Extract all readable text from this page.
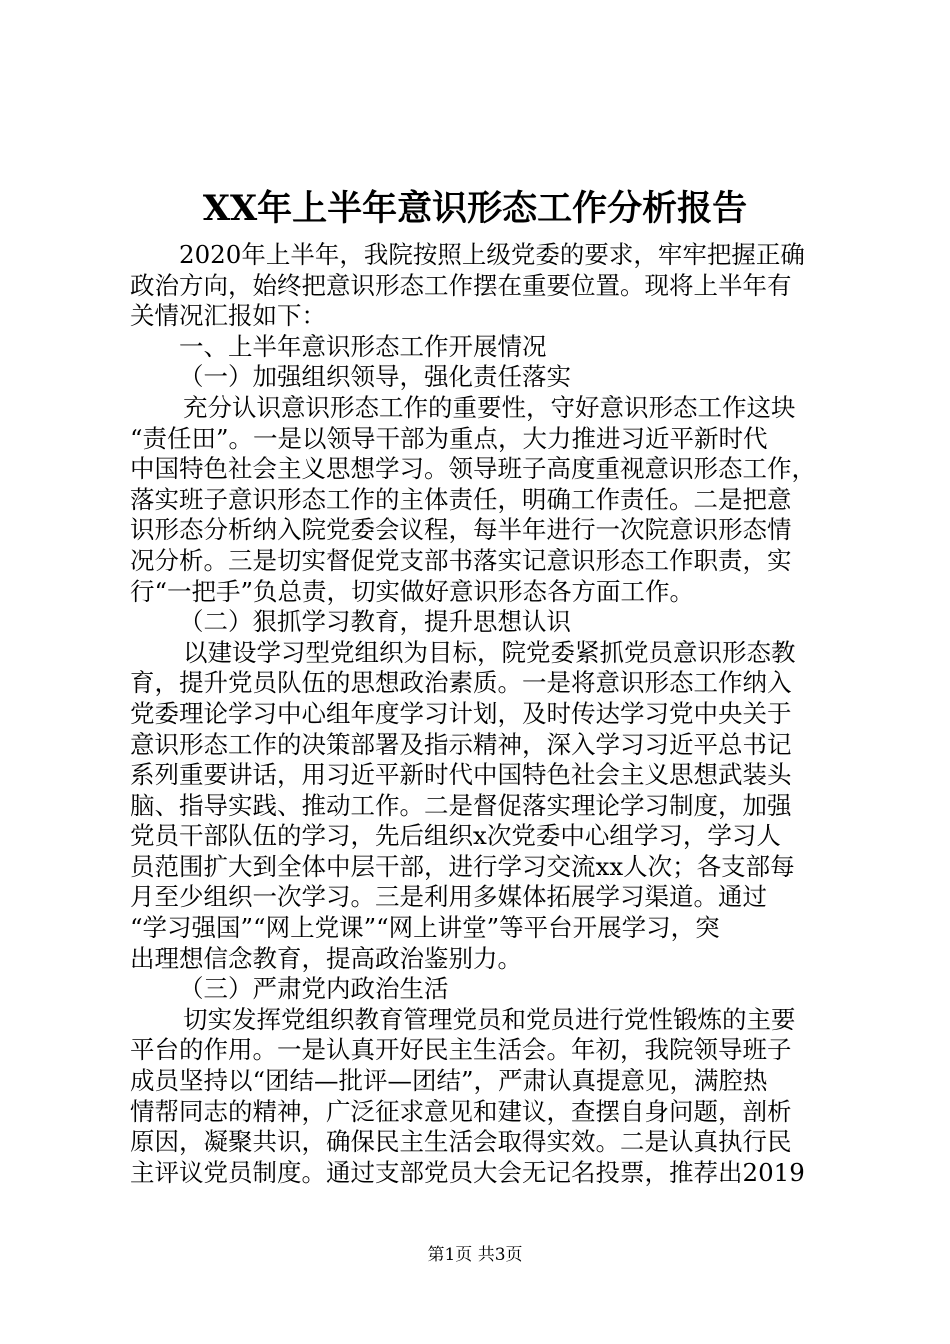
XX年上半年意识形态工作分析报告
2020年上半年，我院按照上级党委的要求，牢牢把握正确
政治方向，始终把意识形态工作摆在重要位置。现将上半年有
关情况汇报如下：
一、上半年意识形态工作开展情况
（一）加强组织领导，强化责任落实
充分认识意识形态工作的重要性，守好意识形态工作这块
“责任田”。一是以领导干部为重点，大力推进习近平新时代
中国特色社会主义思想学习。领导班子高度重视意识形态工作，
落实班子意识形态工作的主体责任，明确工作责任。二是把意
识形态分析纳入院党委会议程，每半年进行一次院意识形态情
况分析。三是切实督促党支部书落实记意识形态工作职责，实
行“一把手”负总责，切实做好意识形态各方面工作。
（二）狠抓学习教育，提升思想认识
以建设学习型党组织为目标，院党委紧抓党员意识形态教
育，提升党员队伍的思想政治素质。一是将意识形态工作纳入
党委理论学习中心组年度学习计划，及时传达学习党中央关于
意识形态工作的决策部署及指示精神，深入学习习近平总书记
系列重要讲话，用习近平新时代中国特色社会主义思想武装头
脑、指导实践、推动工作。二是督促落实理论学习制度，加强
党员干部队伍的学习，先后组织x次党委中心组学习，学习人
员范围扩大到全体中层干部，进行学习交流xx人次；各支部每
月至少组织一次学习。三是利用多媒体拓展学习渠道。通过
“学习强国”“网上党课”“网上讲堂”等平台开展学习，突
出理想信念教育，提高政治鉴别力。
（三）严肃党内政治生活
切实发挥党组织教育管理党员和党员进行党性锻炼的主要
平台的作用。一是认真开好民主生活会。年初，我院领导班子
成员坚持以“团结—批评—团结”，严肃认真提意见，满腔热
情帮同志的精神，广泛征求意见和建议，查摆自身问题，剖析
原因，凝聚共识，确保民主生活会取得实效。二是认真执行民
主评议党员制度。通过支部党员大会无记名投票，推荐出2019
第1页 共3页
